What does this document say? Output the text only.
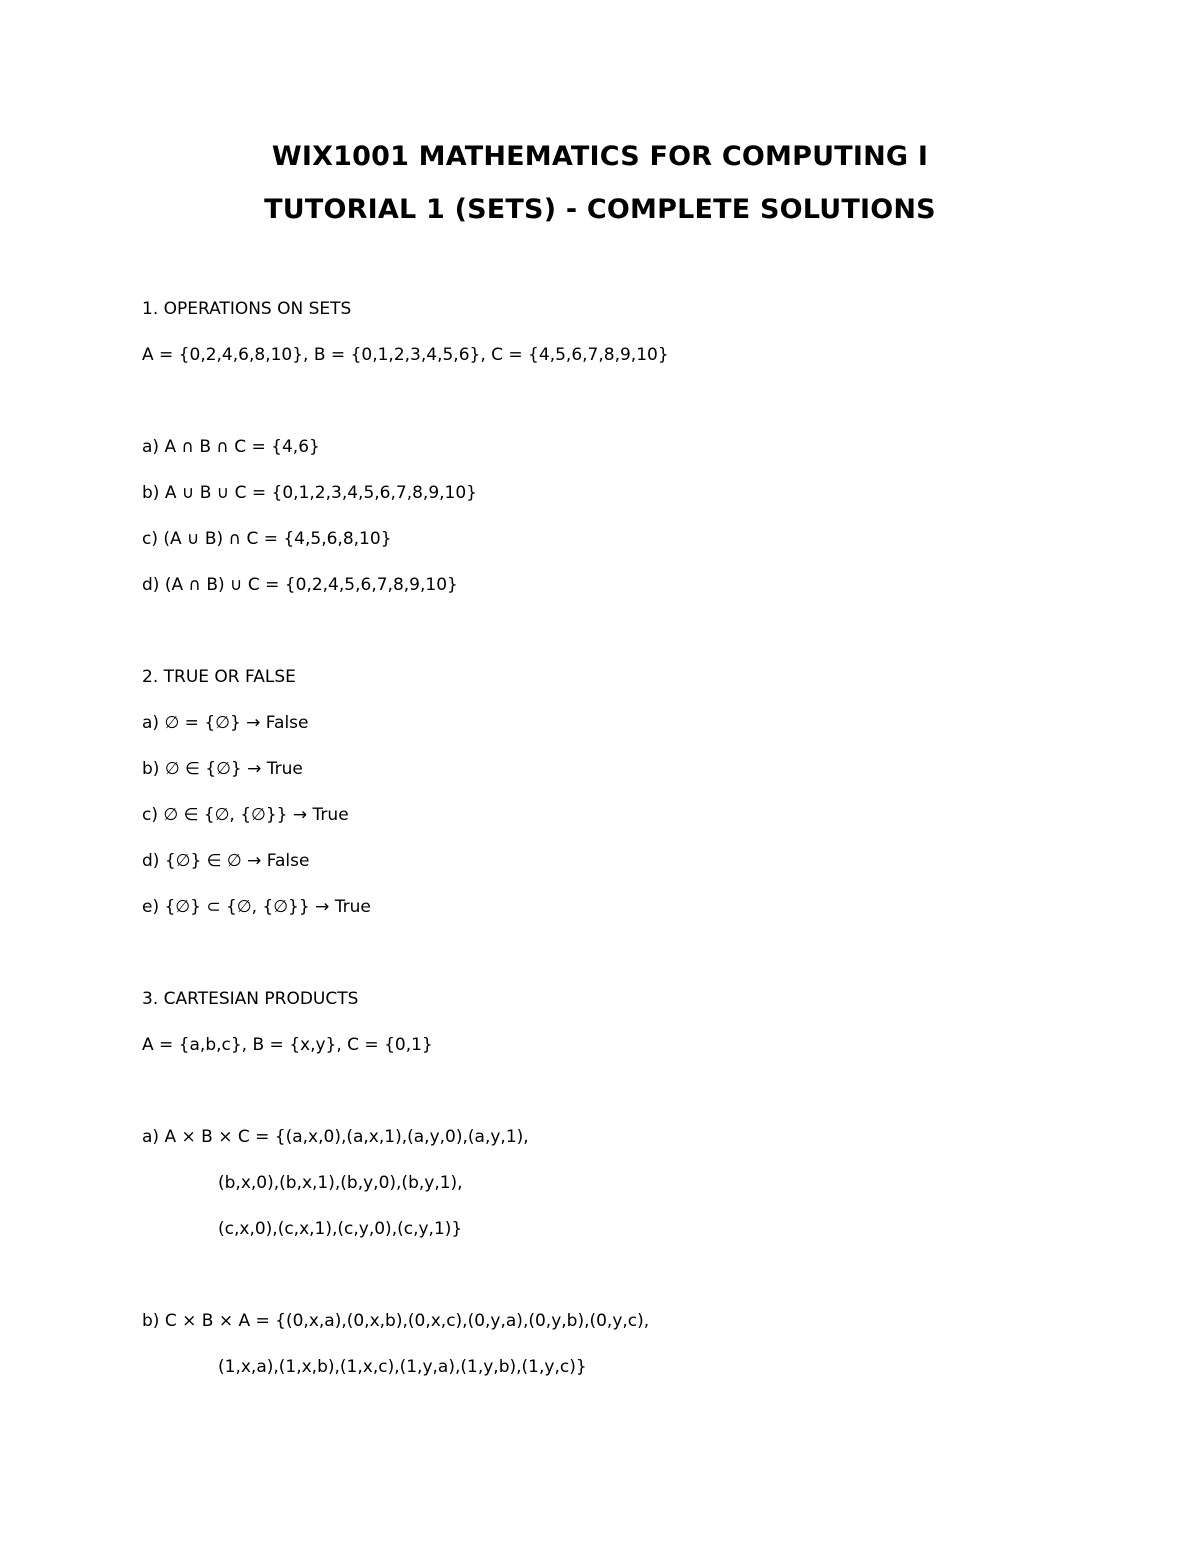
WIX1001 MATHEMATICS FOR COMPUTING I
TUTORIAL 1 (SETS) - COMPLETE SOLUTIONS
1. OPERATIONS ON SETS
A = {0,2,4,6,8,10}, B = {0,1,2,3,4,5,6}, C = {4,5,6,7,8,9,10}
a) A ∩ B ∩ C = {4,6}
b) A ∪ B ∪ C = {0,1,2,3,4,5,6,7,8,9,10}
c) (A ∪ B) ∩ C = {4,5,6,8,10}
d) (A ∩ B) ∪ C = {0,2,4,5,6,7,8,9,10}
2. TRUE OR FALSE
a) ∅ = {∅} → False
b) ∅ ∈ {∅} → True
c) ∅ ∈ {∅, {∅}} → True
d) {∅} ∈ ∅ → False
e) {∅} ⊂ {∅, {∅}} → True
3. CARTESIAN PRODUCTS
A = {a,b,c}, B = {x,y}, C = {0,1}
a) A × B × C = {(a,x,0),(a,x,1),(a,y,0),(a,y,1),
(b,x,0),(b,x,1),(b,y,0),(b,y,1),
(c,x,0),(c,x,1),(c,y,0),(c,y,1)}
b) C × B × A = {(0,x,a),(0,x,b),(0,x,c),(0,y,a),(0,y,b),(0,y,c),
(1,x,a),(1,x,b),(1,x,c),(1,y,a),(1,y,b),(1,y,c)}
